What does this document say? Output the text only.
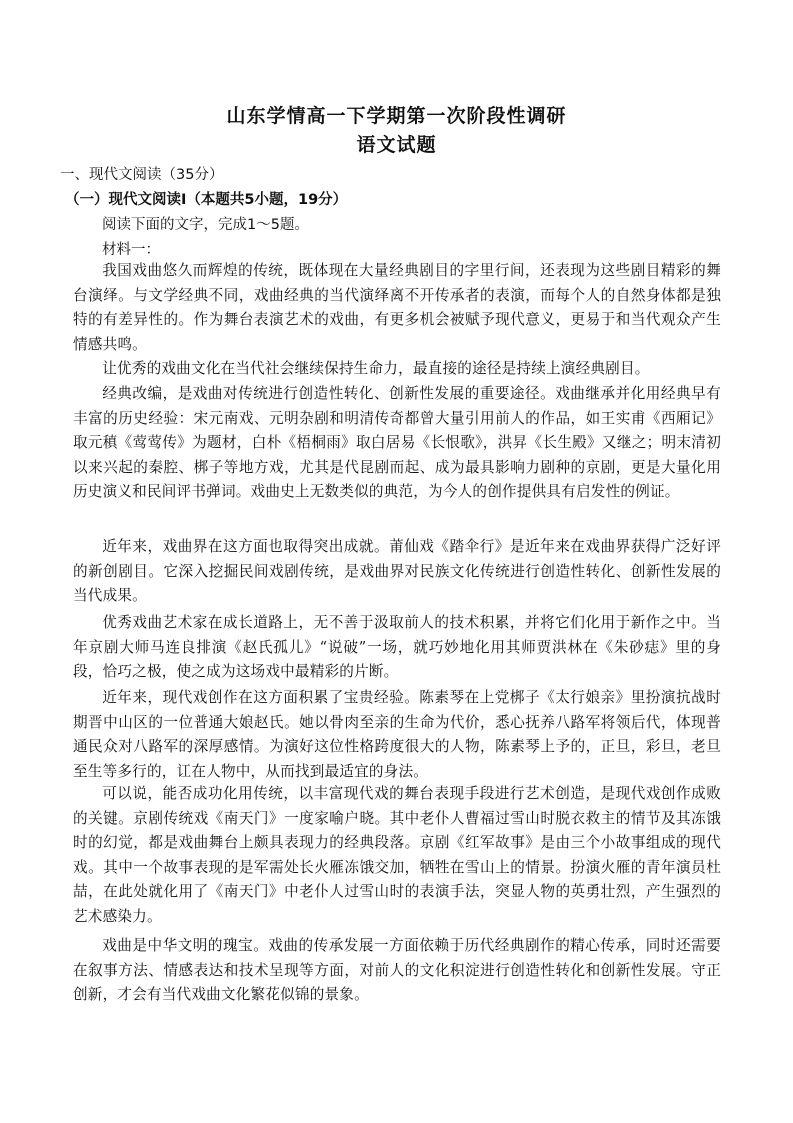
山东学情高一下学期第一次阶段性调研
语文试题

一、现代文阅读（35分）

（一）现代文阅读Ⅰ（本题共5小题，19分）

阅读下面的文字，完成1～5题。

材料一：

我国戏曲悠久而辉煌的传统，既体现在大量经典剧目的字里行间，还表现为这些剧目精彩的舞台演绎。与文学经典不同，戏曲经典的当代演绎离不开传承者的表演，而每个人的自然身体都是独特的有差异性的。作为舞台表演艺术的戏曲，有更多机会被赋予现代意义，更易于和当代观众产生情感共鸣。

让优秀的戏曲文化在当代社会继续保持生命力，最直接的途径是持续上演经典剧目。

经典改编，是戏曲对传统进行创造性转化、创新性发展的重要途径。戏曲继承并化用经典早有丰富的历史经验：宋元南戏、元明杂剧和明清传奇都曾大量引用前人的作品，如王实甫《西厢记》取元稹《莺莺传》为题材，白朴《梧桐雨》取白居易《长恨歌》，洪昇《长生殿》又继之；明末清初以来兴起的秦腔、梆子等地方戏，尤其是代昆剧而起、成为最具影响力剧种的京剧，更是大量化用历史演义和民间评书弹词。戏曲史上无数类似的典范，为今人的创作提供具有启发性的例证。

近年来，戏曲界在这方面也取得突出成就。莆仙戏《踏伞行》是近年来在戏曲界获得广泛好评的新创剧目。它深入挖掘民间戏剧传统，是戏曲界对民族文化传统进行创造性转化、创新性发展的当代成果。

优秀戏曲艺术家在成长道路上，无不善于汲取前人的技术积累，并将它们化用于新作之中。当年京剧大师马连良排演《赵氏孤儿》“说破”一场，就巧妙地化用其师贾洪林在《朱砂痣》里的身段，恰巧之极，使之成为这场戏中最精彩的片断。

近年来，现代戏创作在这方面积累了宝贵经验。陈素琴在上党梆子《太行娘亲》里扮演抗战时期晋中山区的一位普通大娘赵氏。她以骨肉至亲的生命为代价，悉心抚养八路军将领后代，体现普通民众对八路军的深厚感情。为演好这位性格跨度很大的人物，陈素琴上予的，正旦，彩旦，老旦至生等多行的，讧在人物中，从而找到最适宜的身法。

可以说，能否成功化用传统，以丰富现代戏的舞台表现手段进行艺术创造，是现代戏创作成败的关键。京剧传统戏《南天门》一度家喻户晓。其中老仆人曹福过雪山时脱衣救主的情节及其冻饿时的幻觉，都是戏曲舞台上颇具表现力的经典段落。京剧《红军故事》是由三个小故事组成的现代戏。其中一个故事表现的是军需处长火雁冻饿交加，牺牲在雪山上的情景。扮演火雁的青年演员杜喆，在此处就化用了《南天门》中老仆人过雪山时的表演手法，突显人物的英勇壮烈，产生强烈的艺术感染力。

戏曲是中华文明的瑰宝。戏曲的传承发展一方面依赖于历代经典剧作的精心传承，同时还需要在叙事方法、情感表达和技术呈现等方面，对前人的文化积淀进行创造性转化和创新性发展。守正创新，才会有当代戏曲文化繁花似锦的景象。
